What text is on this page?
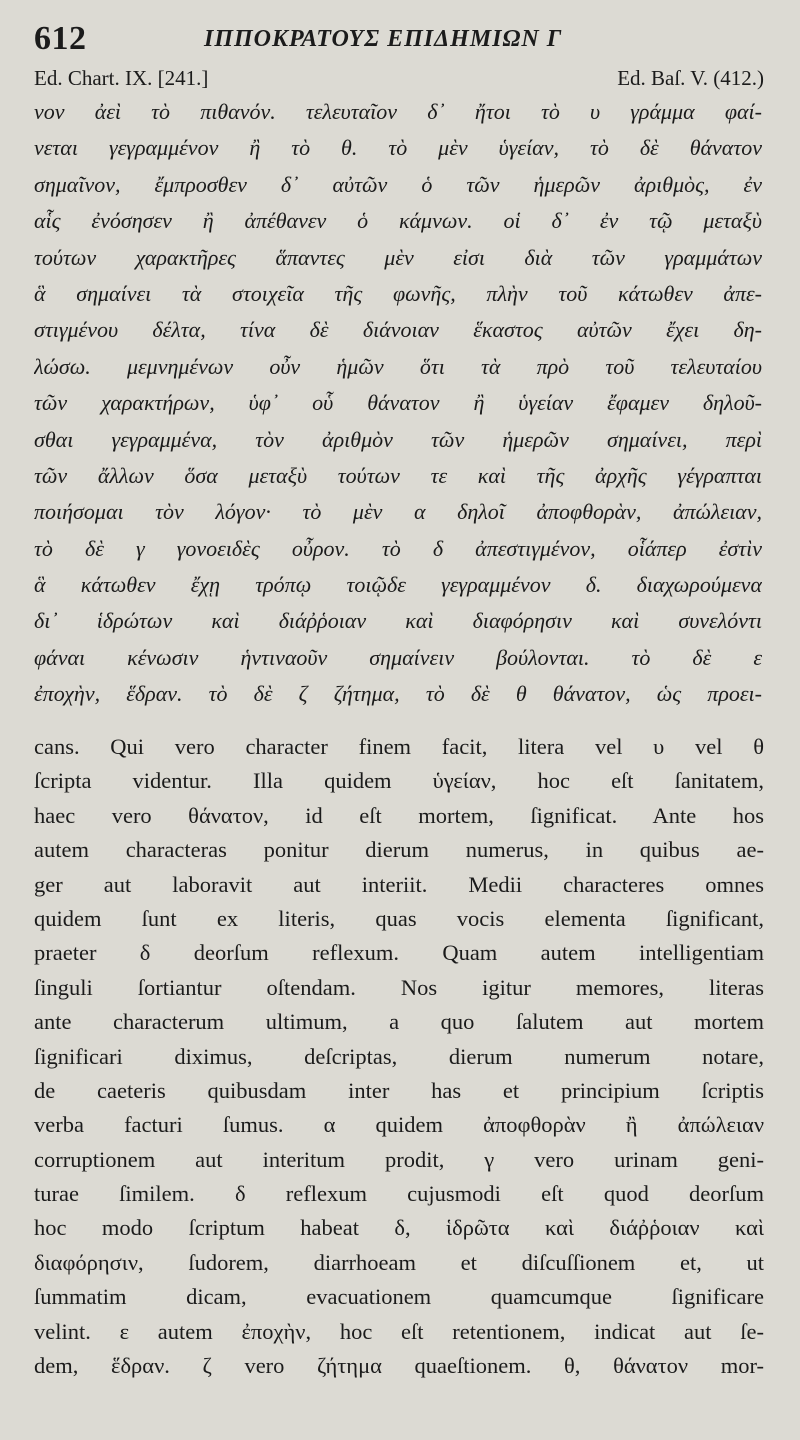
612	ΙΠΠΟΚΡΑΤΟΥΣ ΕΠΙΔΗΜΙΩΝ Γ
Ed. Chart. IX. [241.]	Ed. Baſ. V. (412.)
νον ἀεὶ τὸ πιθανόν. τελευταῖον δ᾽ ἤτοι τὸ υ γράμμα φαί-
νεται γεγραμμένον ἢ τὸ θ. τὸ μὲν ὑγείαν, τὸ δὲ θάνατον
σημαῖνον, ἔμπροσθεν δ᾽ αὐτῶν ὁ τῶν ἡμερῶν ἀριθμὸς, ἐν
αἷς ἐνόσησεν ἢ ἀπέθανεν ὁ κάμνων. οἱ δ᾽ ἐν τῷ μεταξὺ
τούτων χαρακτῆρες ἅπαντες μὲν εἰσι διὰ τῶν γραμμάτων
ἃ σημαίνει τὰ στοιχεῖα τῆς φωνῆς, πλὴν τοῦ κάτωθεν ἀπε-
στιγμένου δέλτα, τίνα δὲ διάνοιαν ἕκαστος αὐτῶν ἔχει δη-
λώσω. μεμνημένων οὖν ἡμῶν ὅτι τὰ πρὸ τοῦ τελευταίου
τῶν χαρακτήρων, ὑφ᾽ οὗ θάνατον ἢ ὑγείαν ἔφαμεν δηλοῦ-
σθαι γεγραμμένα, τὸν ἀριθμὸν τῶν ἡμερῶν σημαίνει, περὶ
τῶν ἄλλων ὅσα μεταξὺ τούτων τε καὶ τῆς ἀρχῆς γέγραπται
ποιήσομαι τὸν λόγον· τὸ μὲν α δηλοῖ ἀποφθορὰν, ἀπώλειαν,
τὸ δὲ γ γονοειδὲς οὖρον. τὸ δ ἀπεστιγμένον, οἷάπερ ἐστὶν
ἃ κάτωθεν ἔχῃ τρόπῳ τοιῷδε γεγραμμένον δ. διαχωρούμενα
δι᾽ ἱδρώτων καὶ διάῤῥοιαν καὶ διαφόρησιν καὶ συνελόντι
φάναι κένωσιν ἡντιναοῦν σημαίνειν βούλονται. τὸ δὲ ε
ἐποχὴν, ἕδραν. τὸ δὲ ζ ζήτημα, τὸ δὲ θ θάνατον, ὡς προει-
cans. Qui vero character finem facit, litera vel υ vel θ
ſcripta videntur. Illa quidem ὑγείαν, hoc eſt ſanitatem,
haec vero θάνατον, id eſt mortem, ſignificat. Ante hos
autem characteras ponitur dierum numerus, in quibus ae-
ger aut laboravit aut interiit. Medii characteres omnes
quidem ſunt ex literis, quas vocis elementa ſignificant,
praeter δ deorſum reflexum. Quam autem intelligentiam
ſinguli ſortiantur oſtendam. Nos igitur memores, literas
ante characterum ultimum, a quo ſalutem aut mortem
ſignificari diximus, deſcriptas, dierum numerum notare,
de caeteris quibusdam inter has et principium ſcriptis
verba facturi ſumus. α quidem ἀποφθορὰν ἢ ἀπώλειαν
corruptionem aut interitum prodit, γ vero urinam geni-
turae ſimilem. δ reflexum cujusmodi eſt quod deorſum
hoc modo ſcriptum habeat δ, ἱδρῶτα καὶ διάῤῥοιαν καὶ
διαφόρησιν, ſudorem, diarrhoeam et diſcuſſionem et, ut
ſummatim dicam, evacuationem quamcumque ſignificare
velint. ε autem ἐποχὴν, hoc eſt retentionem, indicat aut ſe-
dem, ἕδραν. ζ vero ζήτημα quaeſtionem. θ, θάνατον mor-
